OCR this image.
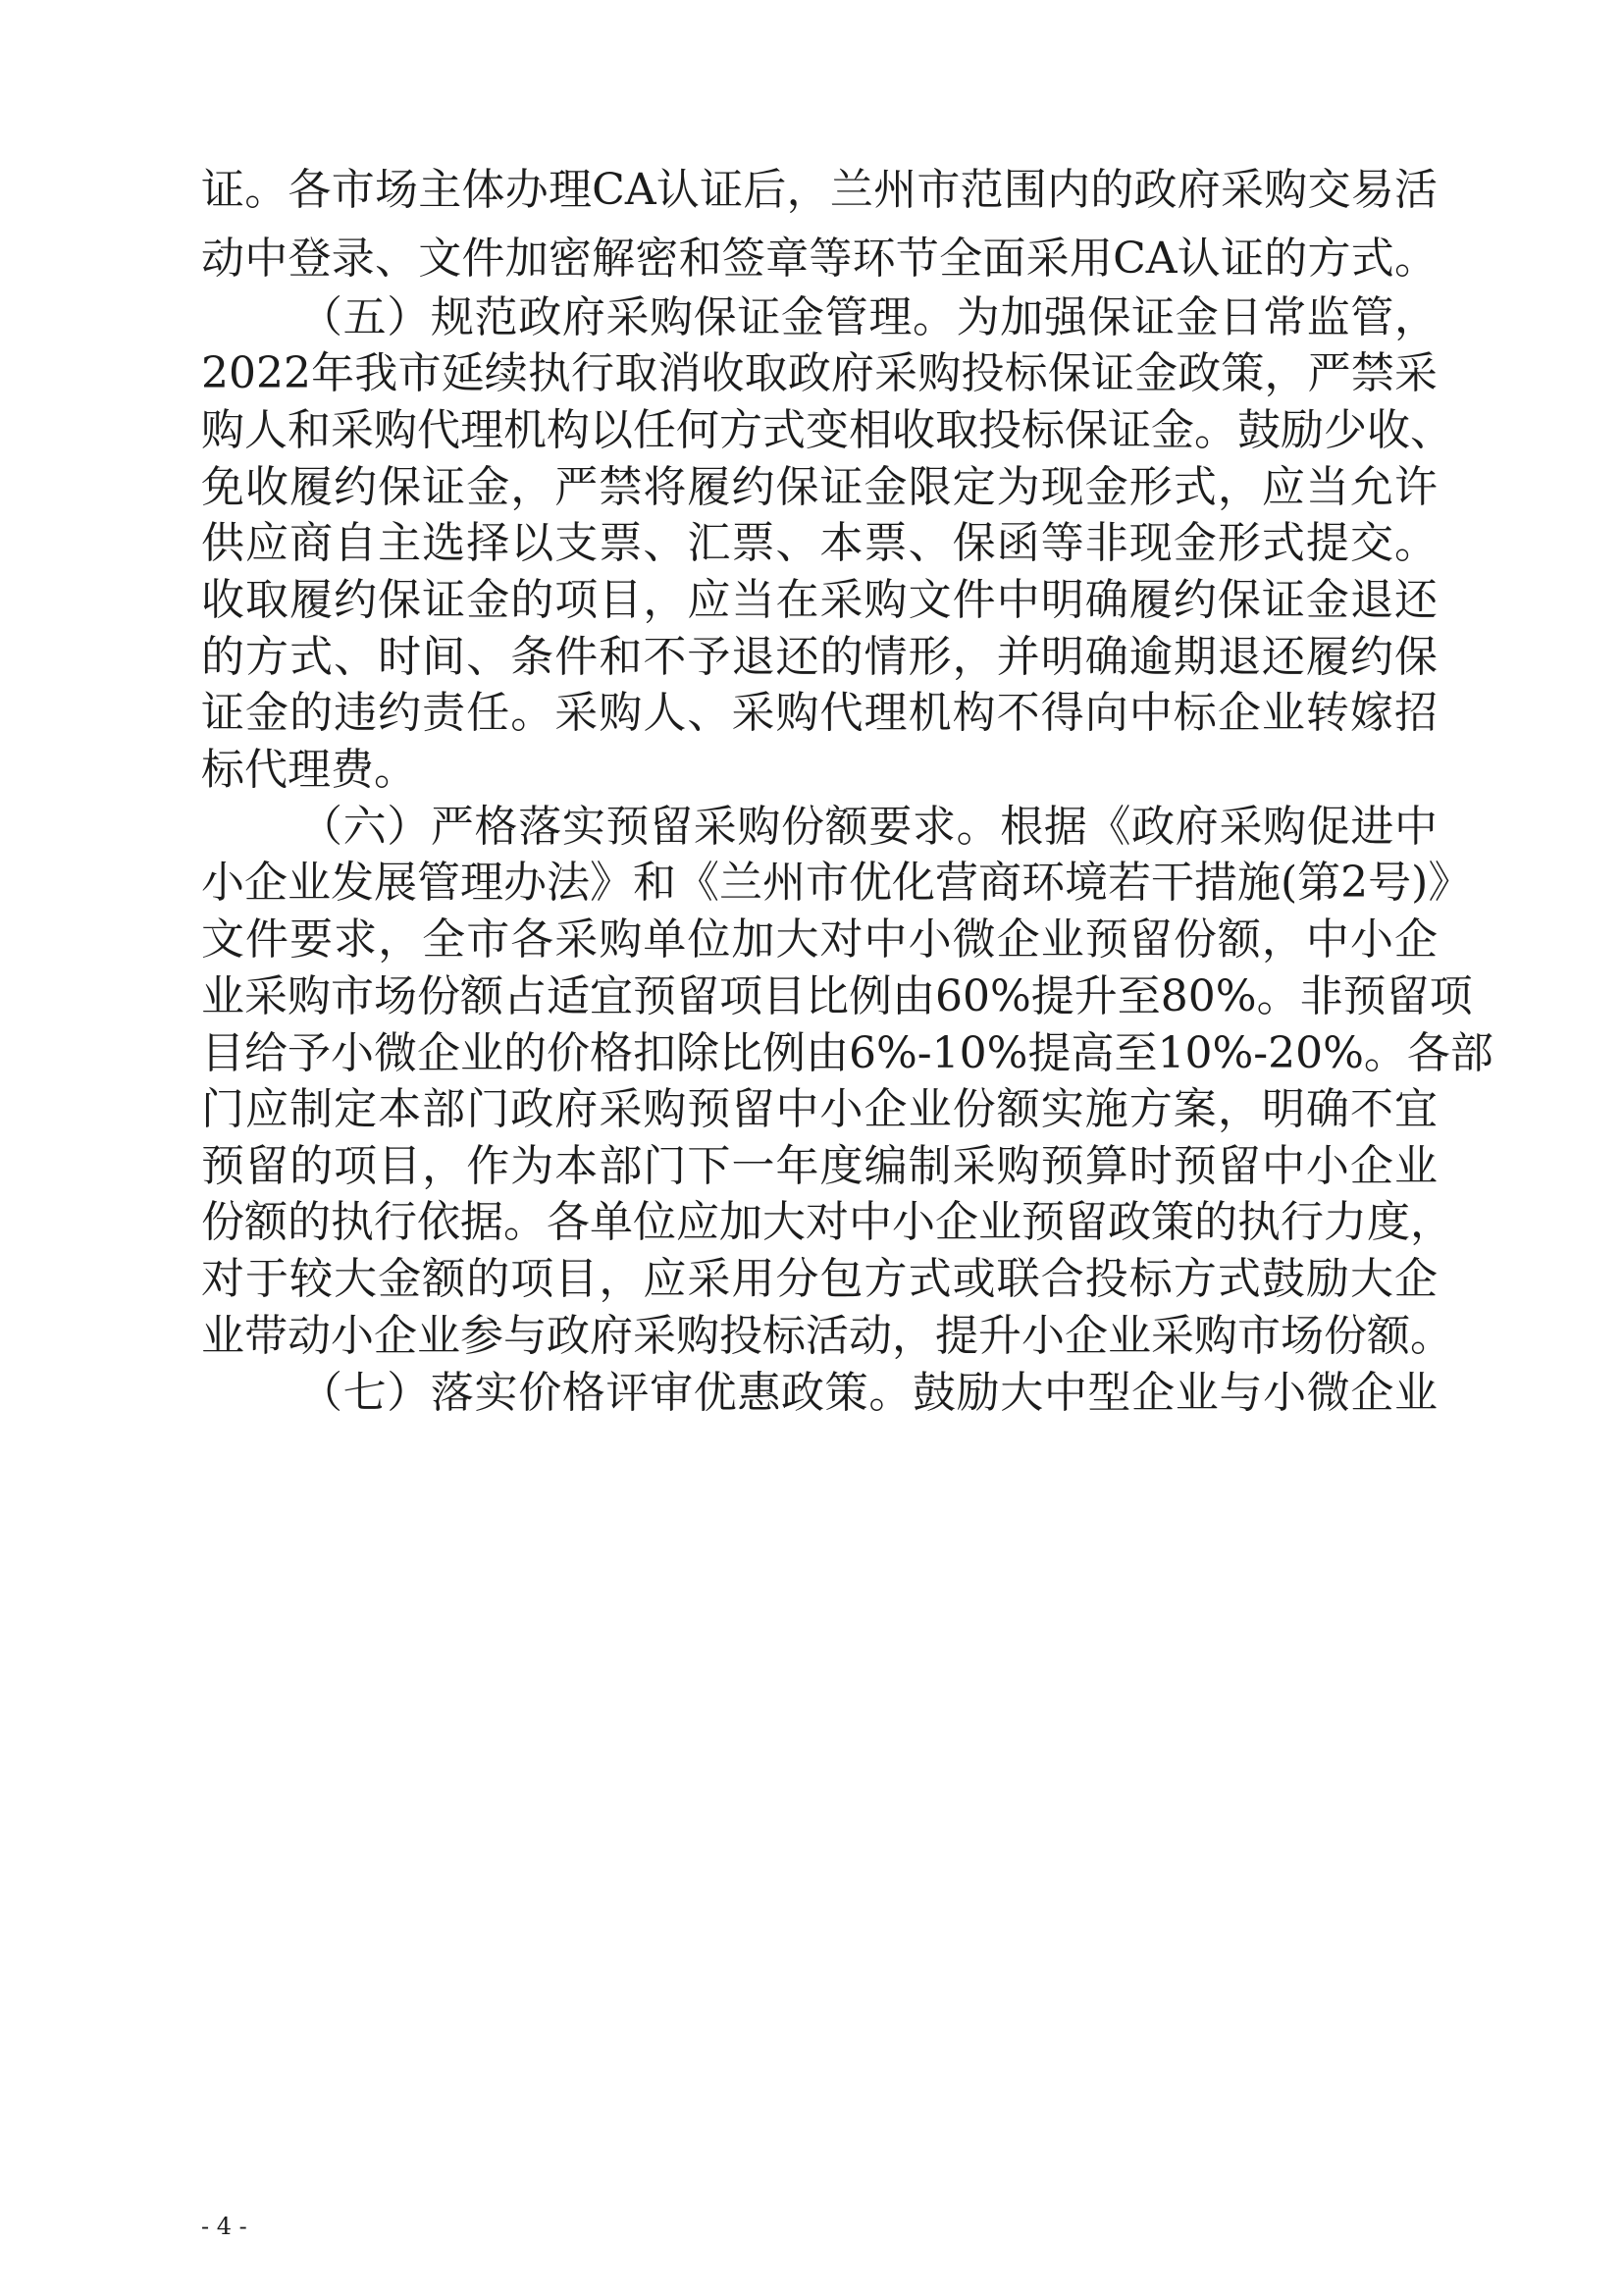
证。各市场主体办理CA认证后，兰州市范围内的政府采购交易活
动中登录、文件加密解密和签章等环节全面采用CA认证的方式。
（五）规范政府采购保证金管理。为加强保证金日常监管，
2022年我市延续执行取消收取政府采购投标保证金政策，严禁采
购人和采购代理机构以任何方式变相收取投标保证金。鼓励少收、
免收履约保证金，严禁将履约保证金限定为现金形式，应当允许
供应商自主选择以支票、汇票、本票、保函等非现金形式提交。
收取履约保证金的项目，应当在采购文件中明确履约保证金退还
的方式、时间、条件和不予退还的情形，并明确逾期退还履约保
证金的违约责任。采购人、采购代理机构不得向中标企业转嫁招
标代理费。
（六）严格落实预留采购份额要求。根据《政府采购促进中
小企业发展管理办法》和《兰州市优化营商环境若干措施(第2号)》
文件要求，全市各采购单位加大对中小微企业预留份额，中小企
业采购市场份额占适宜预留项目比例由60%提升至80%。非预留项
目给予小微企业的价格扣除比例由6%-10%提高至10%-20%。各部
门应制定本部门政府采购预留中小企业份额实施方案，明确不宜
预留的项目，作为本部门下一年度编制采购预算时预留中小企业
份额的执行依据。各单位应加大对中小企业预留政策的执行力度，
对于较大金额的项目，应采用分包方式或联合投标方式鼓励大企
业带动小企业参与政府采购投标活动，提升小企业采购市场份额。
（七）落实价格评审优惠政策。鼓励大中型企业与小微企业
- 4 -
